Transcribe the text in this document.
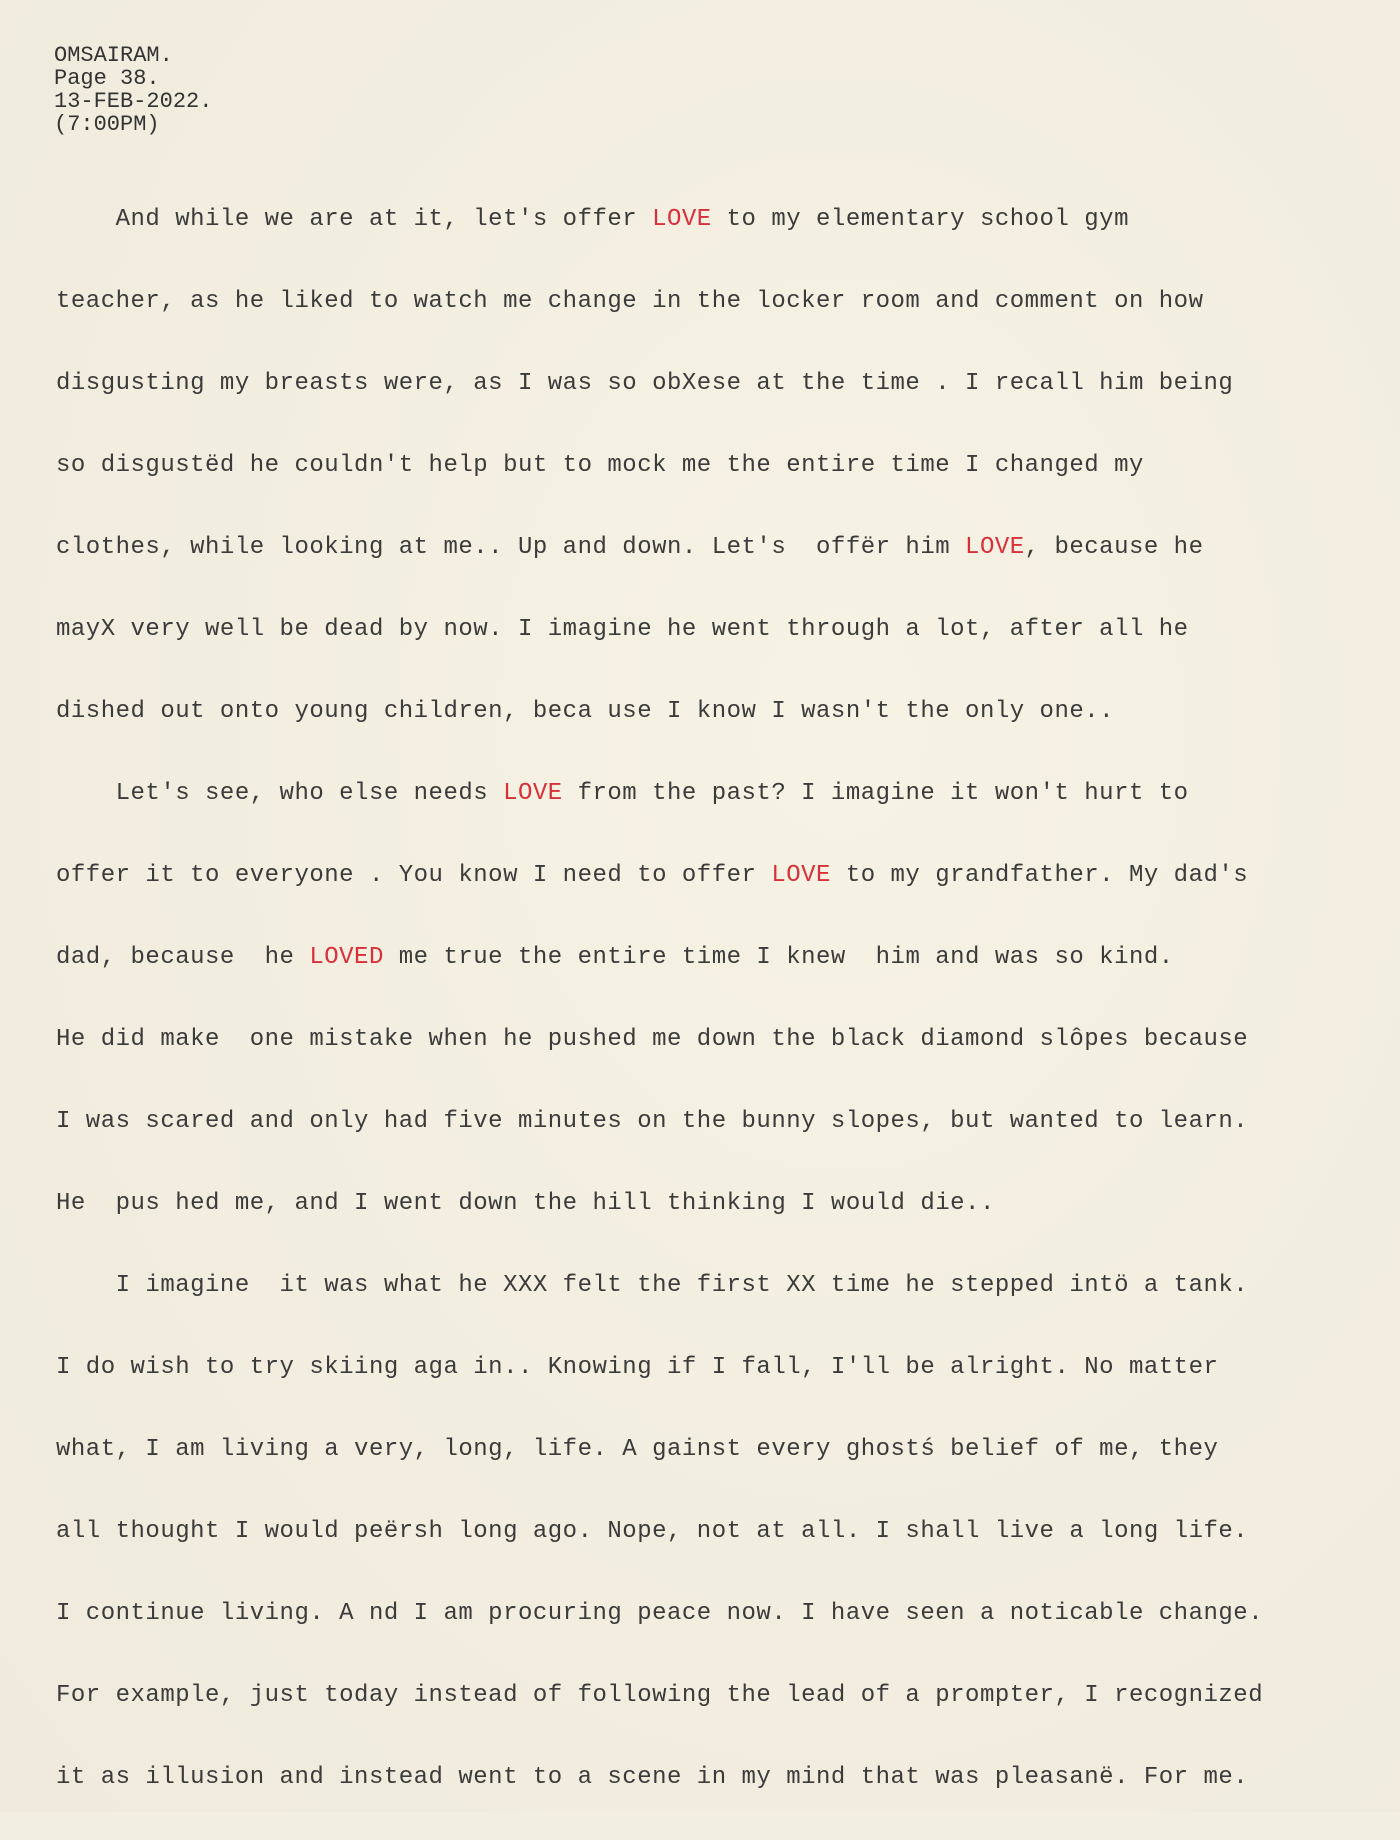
OMSAIRAM.
Page 38.
13-FEB-2022.
(7:00PM)
And while we are at it, let's offer LOVE to my elementary school gym
teacher, as he liked to watch me change in the locker room and comment on how
disgusting my breasts were, as I was so obXese at the time . I recall him being
so disgustëd he couldn't help but to mock me the entire time I changed my
clothes, while looking at me.. Up and down. Let's  offër him LOVE, because he
mayX very well be dead by now. I imagine he went through a lot, after all he
dished out onto young children, beca use I know I wasn't the only one..
Let's see, who else needs LOVE from the past? I imagine it won't hurt to
offer it to everyone . You know I need to offer LOVE to my grandfather. My dad's
dad, because  he LOVED me true the entire time I knew  him and was so kind.
He did make  one mistake when he pushed me down the black diamond slôpes because
I was scared and only had five minutes on the bunny slopes, but wanted to learn.
He  pus hed me, and I went down the hill thinking I would die..
I imagine  it was what he XXX felt the first XX time he stepped intö a tank.
I do wish to try skiing aga in.. Knowing if I fall, I'll be alright. No matter
what, I am living a very, long, life. A gainst every ghostś belief of me, they
all thought I would peërsh long ago. Nope, not at all. I shall live a long life.
I continue living. A nd I am procuring peace now. I have seen a noticable change.
For example, just today instead of following the lead of a prompter, I recognized
it as illusion and instead went to a scene in my mind that was pleasanë. For me.
